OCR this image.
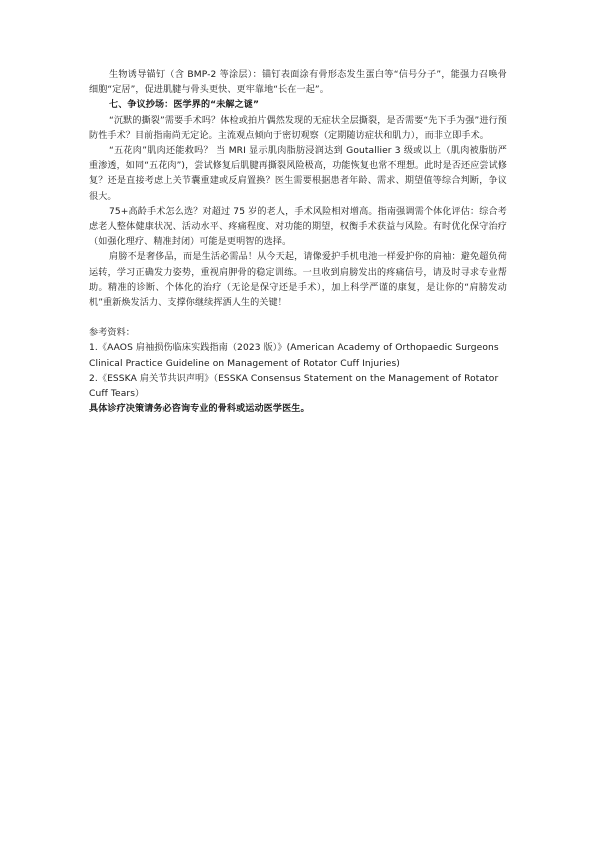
生物诱导锚钉（含 BMP-2 等涂层）：锚钉表面涂有骨形态发生蛋白等“信号分子”，能强力召唤骨细胞“定居”，促进肌腱与骨头更快、更牢靠地“长在一起”。

七、争议抄场：医学界的“未解之谜”

“沉默的撕裂”需要手术吗？体检或拍片偶然发现的无症状全层撕裂，是否需要“先下手为强”进行预防性手术？目前指南尚无定论。主流观点倾向于密切观察（定期随访症状和肌力），而非立即手术。

“五花肉”肌肉还能救吗？ 当 MRI 显示肌肉脂肪浸润达到 Goutallier 3 级或以上（肌肉被脂肪严重渗透，如同“五花肉”)，尝试修复后肌腱再撕裂风险极高，功能恢复也常不理想。此时是否还应尝试修复？还是直接考虑上关节囊重建或反肩置换？医生需要根据患者年龄、需求、期望值等综合判断，争议很大。

75+高龄手术怎么选？对超过 75 岁的老人，手术风险相对增高。指南强调需个体化评估：综合考虑老人整体健康状况、活动水平、疼痛程度、对功能的期望，权衡手术获益与风险。有时优化保守治疗（如强化理疗、精准封闭）可能是更明智的选择。

肩膀不是奢侈品，而是生活必需品！从今天起，请像爱护手机电池一样爱护你的肩袖：避免超负荷运转，学习正确发力姿势，重视肩胛骨的稳定训练。一旦收到肩膀发出的疼痛信号，请及时寻求专业帮助。精准的诊断、个体化的治疗（无论是保守还是手术），加上科学严谨的康复，是让你的“肩膀发动机”重新焕发活力、支撑你继续挥洒人生的关键！

参考资料：

1.《AAOS 肩袖损伤临床实践指南（2023 版）》(American Academy of Orthopaedic Surgeons Clinical Practice Guideline on Management of Rotator Cuff Injuries)

2.《ESSKA 肩关节共识声明》（ESSKA Consensus Statement on the Management of Rotator Cuff Tears）

具体诊疗决策请务必咨询专业的骨科或运动医学医生。
